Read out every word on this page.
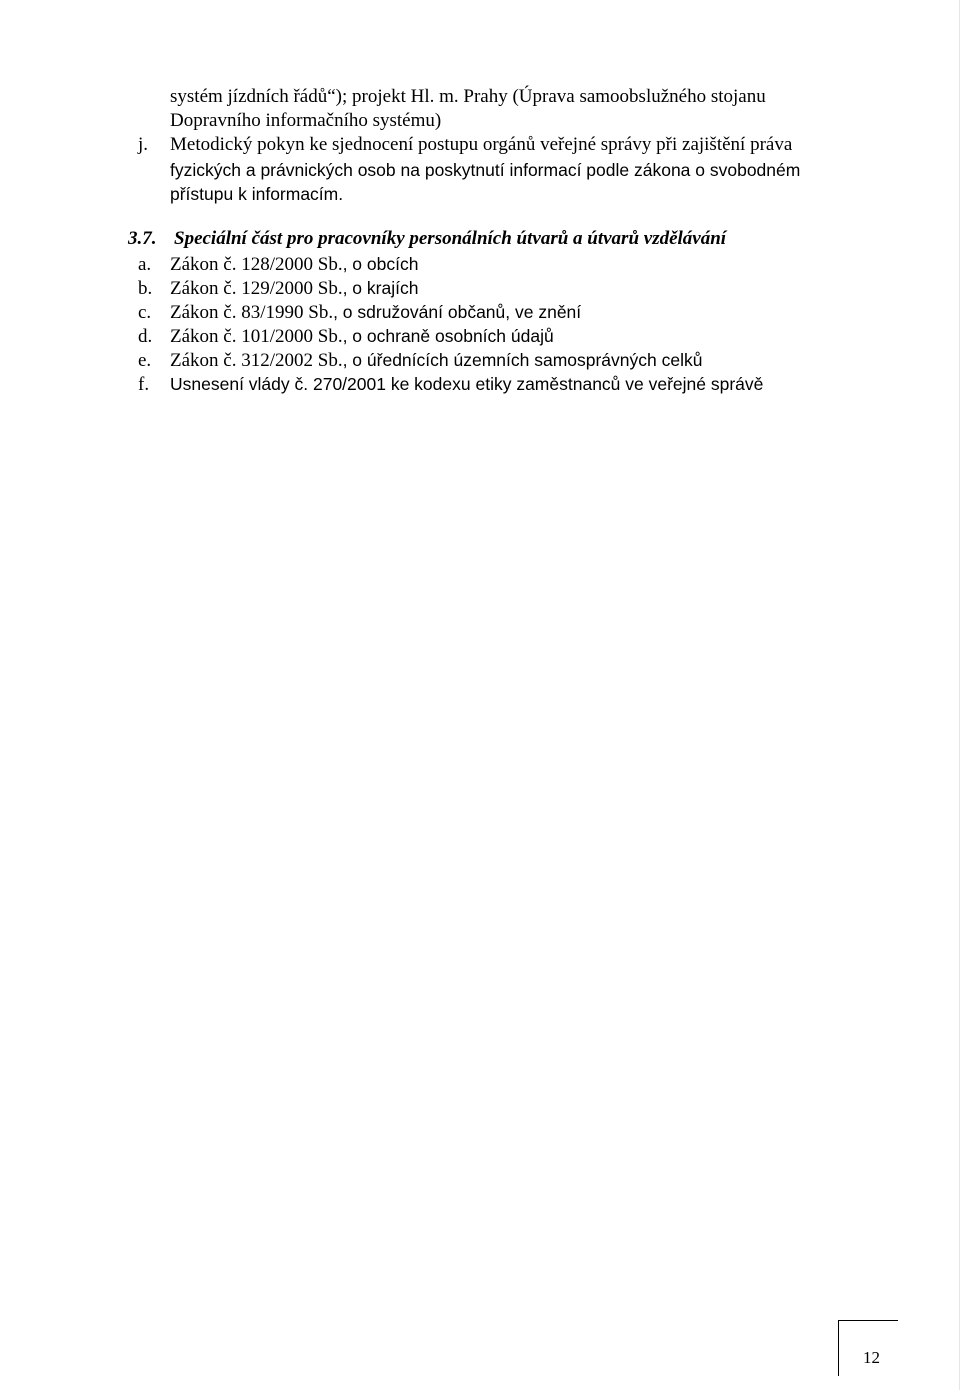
systém jízdních řádů“); projekt Hl. m. Prahy (Úprava samoobslužného stojanu
Dopravního informačního systému)
j. Metodický pokyn ke sjednocení postupu orgánů veřejné správy při zajištění práva
fyzických a právnických osob na poskytnutí informací podle zákona o svobodném
přístupu k informacím.
3.7. Speciální část pro pracovníky personálních útvarů a útvarů vzdělávání
a. Zákon č. 128/2000 Sb., o obcích
b. Zákon č. 129/2000 Sb., o krajích
c. Zákon č. 83/1990 Sb., o sdružování občanů, ve znění
d. Zákon č. 101/2000 Sb., o ochraně osobních údajů
e. Zákon č. 312/2002 Sb., o úřednících územních samosprávných celků
f. Usnesení vlády č. 270/2001 ke kodexu etiky zaměstnanců ve veřejné správě
12
